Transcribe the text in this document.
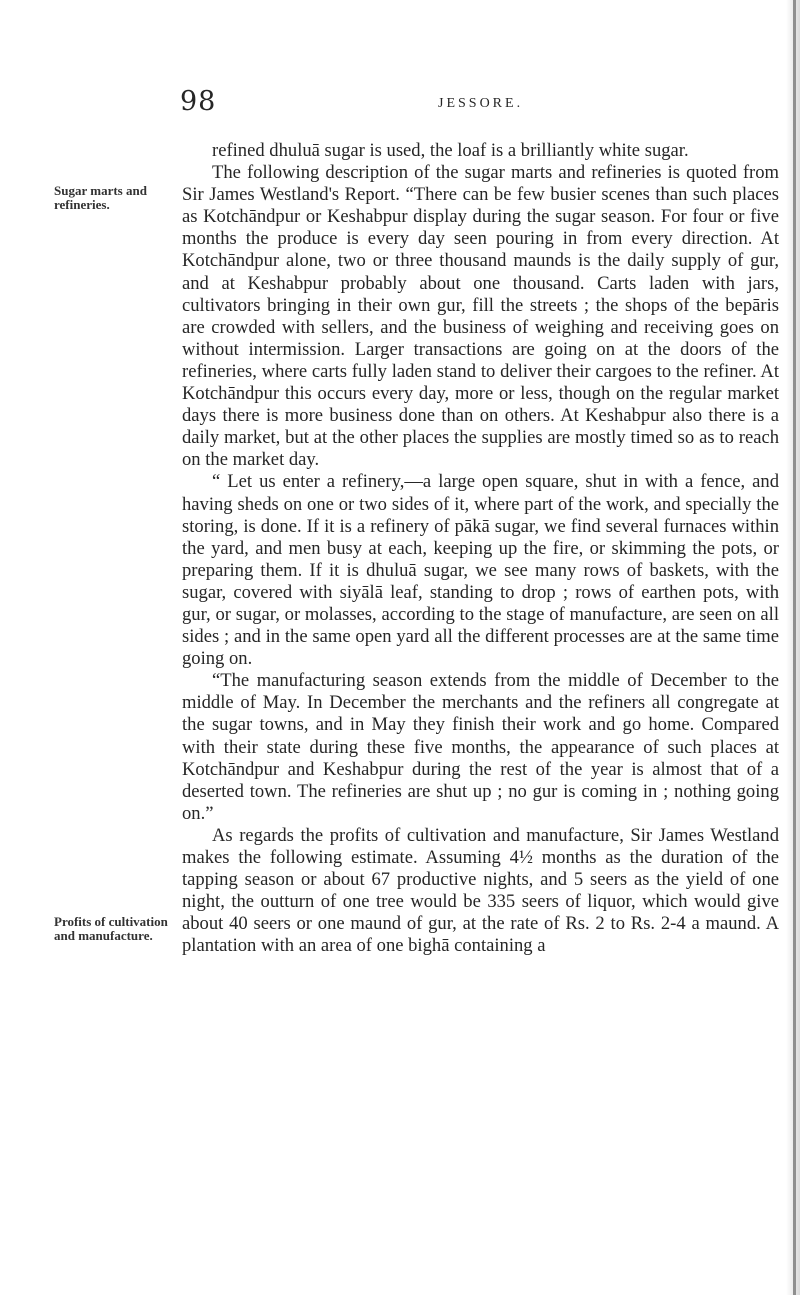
98	JESSORE.
Sugar marts and refineries.
Profits of cultivation and manufacture.

refined dhuluā sugar is used, the loaf is a brilliantly white sugar.

The following description of the sugar marts and refineries is quoted from Sir James Westland's Report. “There can be few busier scenes than such places as Kotchāndpur or Keshabpur display during the sugar season. For four or five months the produce is every day seen pouring in from every direction. At Kotchāndpur alone, two or three thousand maunds is the daily supply of gur, and at Keshabpur probably about one thousand. Carts laden with jars, cultivators bringing in their own gur, fill the streets ; the shops of the bepāris are crowded with sellers, and the business of weighing and receiving goes on without intermission. Larger transactions are going on at the doors of the refineries, where carts fully laden stand to deliver their cargoes to the refiner. At Kotchāndpur this occurs every day, more or less, though on the regular market days there is more business done than on others. At Keshabpur also there is a daily market, but at the other places the supplies are mostly timed so as to reach on the market day.

“ Let us enter a refinery,—a large open square, shut in with a fence, and having sheds on one or two sides of it, where part of the work, and specially the storing, is done. If it is a refinery of pākā sugar, we find several furnaces within the yard, and men busy at each, keeping up the fire, or skimming the pots, or preparing them. If it is dhuluā sugar, we see many rows of baskets, with the sugar, covered with siyālā leaf, standing to drop ; rows of earthen pots, with gur, or sugar, or molasses, according to the stage of manufacture, are seen on all sides ; and in the same open yard all the different processes are at the same time going on.

“The manufacturing season extends from the middle of December to the middle of May. In December the merchants and the refiners all congregate at the sugar towns, and in May they finish their work and go home. Compared with their state during these five months, the appearance of such places at Kotchāndpur and Keshabpur during the rest of the year is almost that of a deserted town. The refineries are shut up ; no gur is coming in ; nothing going on.”

As regards the profits of cultivation and manufacture, Sir James Westland makes the following estimate. Assuming 4½ months as the duration of the tapping season or about 67 productive nights, and 5 seers as the yield of one night, the outturn of one tree would be 335 seers of liquor, which would give about 40 seers or one maund of gur, at the rate of Rs. 2 to Rs. 2-4 a maund. A plantation with an area of one bighā containing a
